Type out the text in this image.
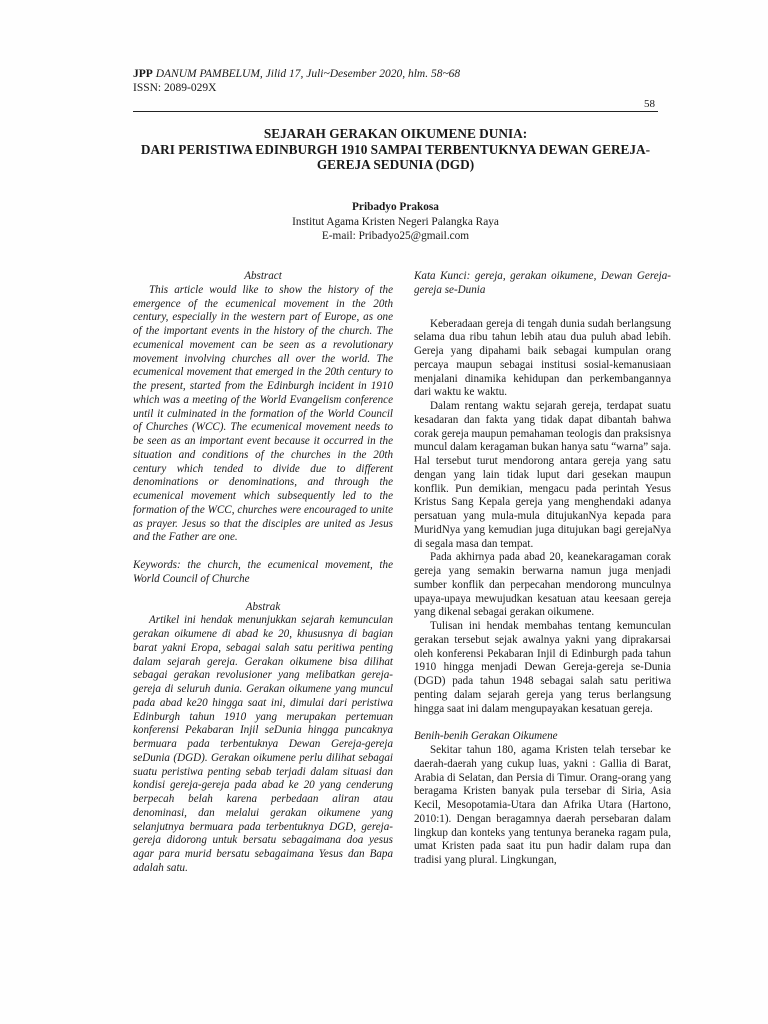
JPP DANUM PAMBELUM, Jilid 17, Juli~Desember 2020, hlm. 58~68
ISSN: 2089-029X
58
SEJARAH GERAKAN OIKUMENE DUNIA:
DARI PERISTIWA EDINBURGH 1910 SAMPAI TERBENTUKNYA DEWAN GEREJA-
GEREJA SEDUNIA (DGD)
Pribadyo Prakosa
Institut Agama Kristen Negeri Palangka Raya
E-mail: Pribadyo25@gmail.com
Abstract

This article would like to show the history of the emergence of the ecumenical movement in the 20th century, especially in the western part of Europe, as one of the important events in the history of the church. The ecumenical movement can be seen as a revolutionary movement involving churches all over the world. The ecumenical movement that emerged in the 20th century to the present, started from the Edinburgh incident in 1910 which was a meeting of the World Evangelism conference until it culminated in the formation of the World Council of Churches (WCC). The ecumenical movement needs to be seen as an important event because it occurred in the situation and conditions of the churches in the 20th century which tended to divide due to different denominations or denominations, and through the ecumenical movement which subsequently led to the formation of the WCC, churches were encouraged to unite as prayer. Jesus so that the disciples are united as Jesus and the Father are one.

Keywords: the church, the ecumenical movement, the World Council of Churche

Abstrak

Artikel ini hendak menunjukkan sejarah kemunculan gerakan oikumene di abad ke 20, khususnya di bagian barat yakni Eropa, sebagai salah satu peritiwa penting dalam sejarah gereja. Gerakan oikumene bisa dilihat sebagai gerakan revolusioner yang melibatkan gereja-gereja di seluruh dunia. Gerakan oikumene yang muncul pada abad ke20 hingga saat ini, dimulai dari peristiwa Edinburgh tahun 1910 yang merupakan pertemuan konferensi Pekabaran Injil seDunia hingga puncaknya bermuara pada terbentuknya Dewan Gereja-gereja seDunia (DGD). Gerakan oikumene perlu dilihat sebagai suatu peristiwa penting sebab terjadi dalam situasi dan kondisi gereja-gereja pada abad ke 20 yang cenderung berpecah belah karena perbedaan aliran atau denominasi, dan melalui gerakan oikumene yang selanjutnya bermuara pada terbentuknya DGD, gereja-gereja didorong untuk bersatu sebagaimana doa yesus agar para murid bersatu sebagaimana Yesus dan Bapa adalah satu.

Kata Kunci: gereja, gerakan oikumene, Dewan Gereja-gereja se-Dunia

Keberadaan gereja di tengah dunia sudah berlangsung selama dua ribu tahun lebih atau dua puluh abad lebih. Gereja yang dipahami baik sebagai kumpulan orang percaya maupun sebagai institusi sosial-kemanusiaan menjalani dinamika kehidupan dan perkembangannya dari waktu ke waktu.

Dalam rentang waktu sejarah gereja, terdapat suatu kesadaran dan fakta yang tidak dapat dibantah bahwa corak gereja maupun pemahaman teologis dan praksisnya muncul dalam keragaman bukan hanya satu “warna” saja. Hal tersebut turut mendorong antara gereja yang satu dengan yang lain tidak luput dari gesekan maupun konflik. Pun demikian, mengacu pada perintah Yesus Kristus Sang Kepala gereja yang menghendaki adanya persatuan yang mula-mula ditujukanNya kepada para MuridNya yang kemudian juga ditujukan bagi gerejaNya di segala masa dan tempat.

Pada akhirnya pada abad 20, keanekaragaman corak gereja yang semakin berwarna namun juga menjadi sumber konflik dan perpecahan mendorong munculnya upaya-upaya mewujudkan kesatuan atau keesaan gereja yang dikenal sebagai gerakan oikumene.

Tulisan ini hendak membahas tentang kemunculan gerakan tersebut sejak awalnya yakni yang diprakarsai oleh konferensi Pekabaran Injil di Edinburgh pada tahun 1910 hingga menjadi Dewan Gereja-gereja se-Dunia (DGD) pada tahun 1948 sebagai salah satu peritiwa penting dalam sejarah gereja yang terus berlangsung hingga saat ini dalam mengupayakan kesatuan gereja.

Benih-benih Gerakan Oikumene

Sekitar tahun 180, agama Kristen telah tersebar ke daerah-daerah yang cukup luas, yakni : Gallia di Barat, Arabia di Selatan, dan Persia di Timur. Orang-orang yang beragama Kristen banyak pula tersebar di Siria, Asia Kecil, Mesopotamia-Utara dan Afrika Utara (Hartono, 2010:1). Dengan beragamnya daerah persebaran dalam lingkup dan konteks yang tentunya beraneka ragam pula, umat Kristen pada saat itu pun hadir dalam rupa dan tradisi yang plural. Lingkungan,
